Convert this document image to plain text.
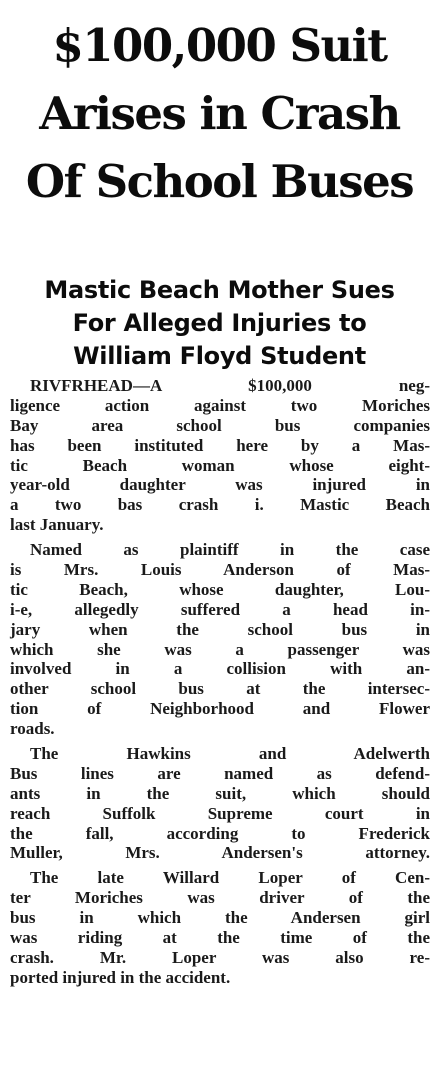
$100,000 Suit
Arises in Crash
Of School Buses
Mastic Beach Mother Sues
For Alleged Injuries to
William Floyd Student

RIVFRHEAD—A $100,000 neg-
ligence action against two Moriches
Bay area school bus companies
has been instituted here by a Mas-
tic Beach woman whose eight-
year-old daughter was injured in
a two bas crash i. Mastic Beach
last January.

Named as plaintiff in the case
is Mrs. Louis Anderson of Mas-
tic Beach, whose daughter, Lou-
i-e, allegedly suffered a head in-
jary when the school bus in
which she was a passenger was
involved in a collision with an-
other school bus at the intersec-
tion of Neighborhood and Flower
roads.

The Hawkins and Adelwerth
Bus lines are named as defend-
ants in the suit, which should
reach Suffolk Supreme court in
the fall, according to Frederick
Muller, Mrs. Andersen's attorney.

The late Willard Loper of Cen-
ter Moriches was driver of the
bus in which the Andersen girl
was riding at the time of the
crash. Mr. Loper was also re-
ported injured in the accident.
